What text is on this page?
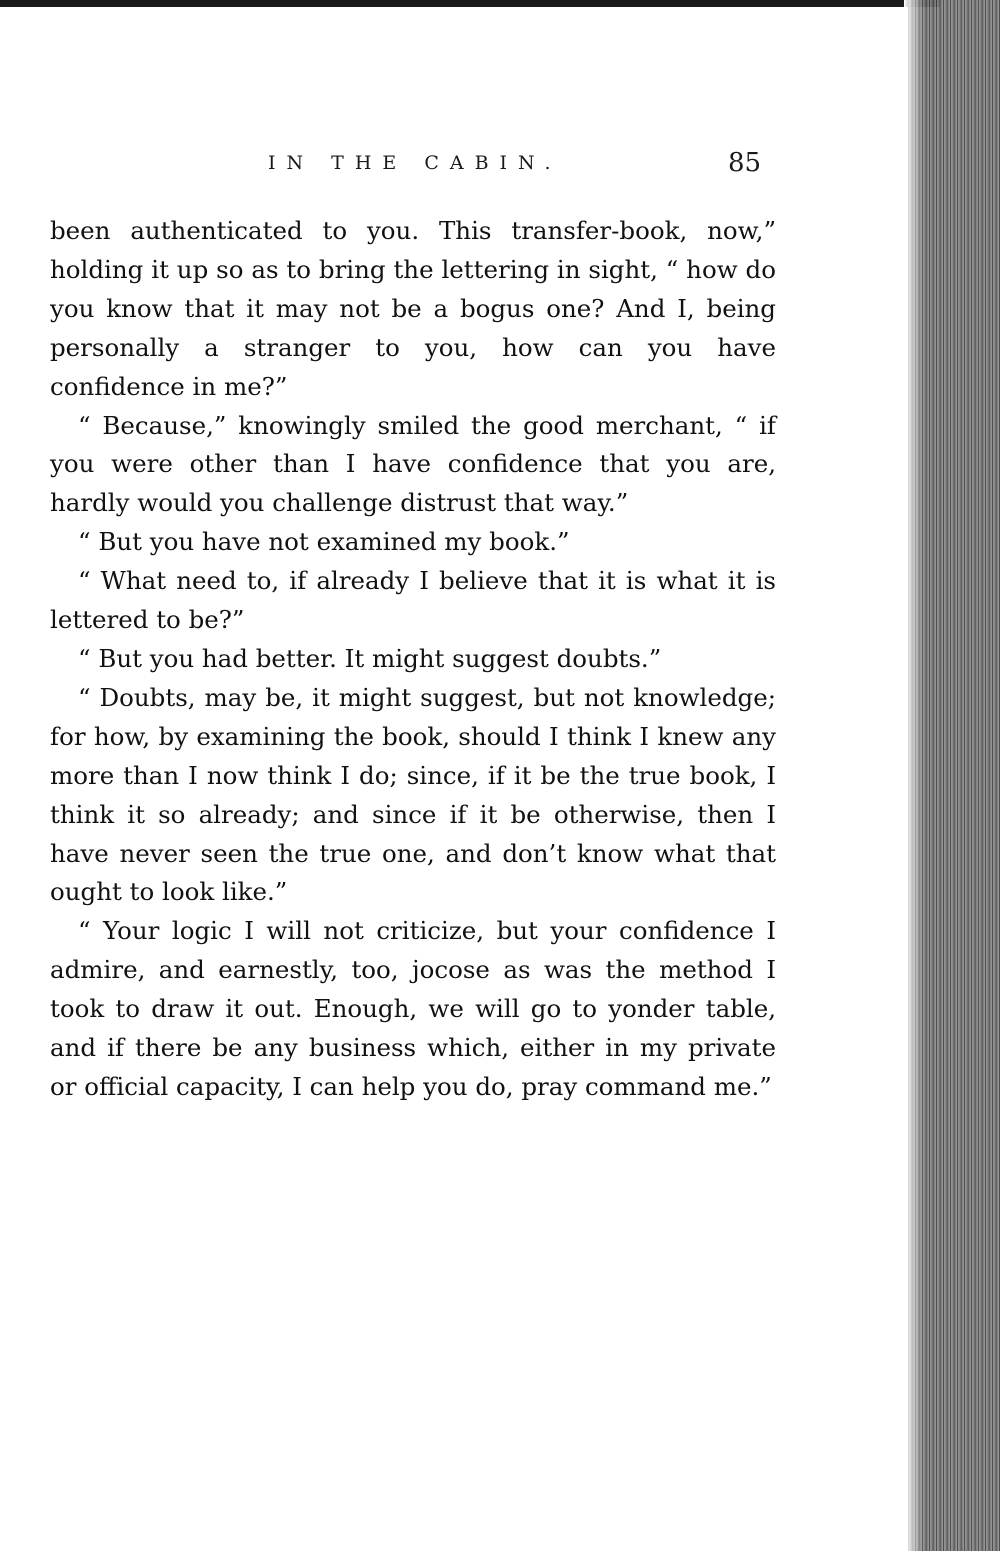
IN THE CABIN.	85

been authenticated to you. This transfer-book, now,” holding it up so as to bring the lettering in sight, “ how do you know that it may not be a bogus one? And I, being personally a stranger to you, how can you have confidence in me?”

“ Because,” knowingly smiled the good merchant, “ if you were other than I have confidence that you are, hardly would you challenge distrust that way.”

“ But you have not examined my book.”

“ What need to, if already I believe that it is what it is lettered to be?”

“ But you had better. It might suggest doubts.”

“ Doubts, may be, it might suggest, but not knowledge; for how, by examining the book, should I think I knew any more than I now think I do; since, if it be the true book, I think it so already; and since if it be otherwise, then I have never seen the true one, and don’t know what that ought to look like.”

“ Your logic I will not criticize, but your confidence I admire, and earnestly, too, jocose as was the method I took to draw it out. Enough, we will go to yonder table, and if there be any business which, either in my private or official capacity, I can help you do, pray command me.”
